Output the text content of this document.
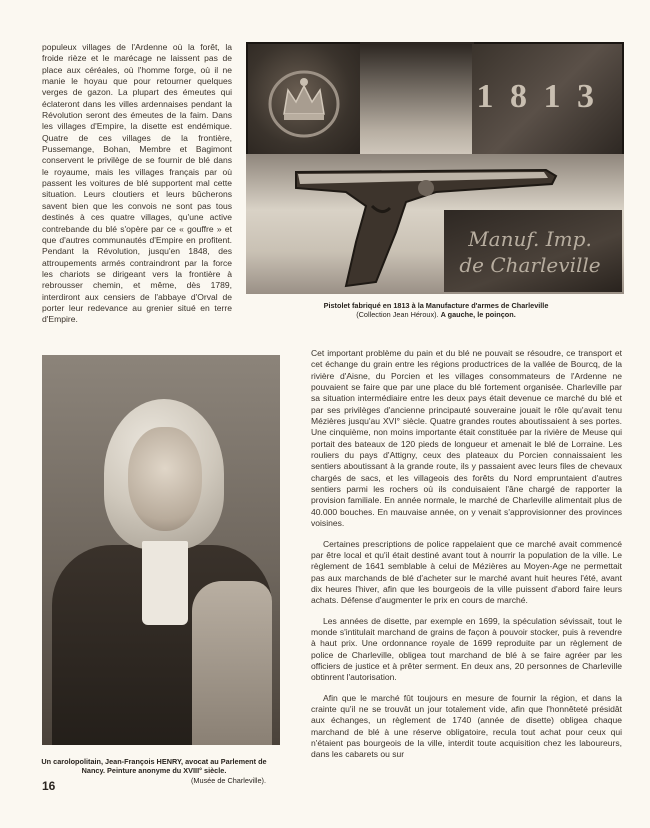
populeux villages de l'Ardenne où la forêt, la froide rièze et le marécage ne laissent pas de place aux céréales, où l'homme forge, où il ne manie le hoyau que pour retourner quelques verges de gazon. La plupart des émeutes qui éclateront dans les villes ardennaises pendant la Révolution seront des émeutes de la faim. Dans les villages d'Empire, la disette est endémique. Quatre de ces villages de la frontière, Pussemange, Bohan, Membre et Bagimont conservent le privilège de se fournir de blé dans le royaume, mais les villages français par où passent les voitures de blé supportent mal cette situation. Leurs cloutiers et leurs bûcherons savent bien que les convois ne sont pas tous destinés à ces quatre villages, qu'une active contrebande du blé s'opère par ce « gouffre » et que d'autres communautés d'Empire en profitent. Pendant la Révolution, jusqu'en 1848, des attroupements armés contraindront par la force les chariots se dirigeant vers la frontière à rebrousser chemin, et même, dès 1789, interdiront aux censiers de l'abbaye d'Orval de porter leur redevance au grenier situé en terre d'Empire.

1 8 1 3
Manuf. Imp.
de Charleville
Pistolet fabriqué en 1813 à la Manufacture d'armes de Charleville
(Collection Jean Héroux). A gauche, le poinçon.
Un carolopolitain, Jean-François HENRY, avocat au Parlement de Nancy. Peinture anonyme du XVIII° siècle.

(Musée de Charleville).

Cet important problème du pain et du blé ne pouvait se résoudre, ce transport et cet échange du grain entre les régions productrices de la vallée de Bourcq, de la rivière d'Aisne, du Porcien et les villages consommateurs de l'Ardenne ne pouvaient se faire que par une place du blé fortement organisée. Charleville par sa situation intermédiaire entre les deux pays était devenue ce marché du blé et par ses privilèges d'ancienne principauté souveraine jouait le rôle qu'avait tenu Mézières jusqu'au XVI° siècle. Quatre grandes routes aboutissaient à ses portes. Une cinquième, non moins importante était constituée par la rivière de Meuse qui portait des bateaux de 120 pieds de longueur et amenait le blé de Lorraine. Les rouliers du pays d'Attigny, ceux des plateaux du Porcien connaissaient les sentiers aboutissant à la grande route, ils y passaient avec leurs files de chevaux chargés de sacs, et les villageois des forêts du Nord empruntaient d'autres sentiers parmi les rochers où ils conduisaient l'âne chargé de rapporter la provision familiale. En année normale, le marché de Charleville alimentait plus de 40.000 bouches. En mauvaise année, on y venait s'approvisionner des provinces voisines.

Certaines prescriptions de police rappelaient que ce marché avait commencé par être local et qu'il était destiné avant tout à nourrir la population de la ville. Le règlement de 1641 semblable à celui de Mézières au Moyen-Age ne permettait pas aux marchands de blé d'acheter sur le marché avant huit heures l'été, avant dix heures l'hiver, afin que les bourgeois de la ville puissent d'abord faire leurs achats. Défense d'augmenter le prix en cours de marché.

Les années de disette, par exemple en 1699, la spéculation sévissait, tout le monde s'intitulait marchand de grains de façon à pouvoir stocker, puis à revendre à haut prix. Une ordonnance royale de 1699 reproduite par un règlement de police de Charleville, obligea tout marchand de blé à se faire agréer par les officiers de justice et à prêter serment. En deux ans, 20 personnes de Charleville obtinrent l'autorisation.

Afin que le marché fût toujours en mesure de fournir la région, et dans la crainte qu'il ne se trouvât un jour totalement vide, afin que l'honnêteté présidât aux échanges, un règlement de 1740 (année de disette) obligea chaque marchand de blé à une réserve obligatoire, recula tout achat pour ceux qui n'étaient pas bourgeois de la ville, interdit toute acquisition chez les laboureurs, dans les cabarets ou sur

16
